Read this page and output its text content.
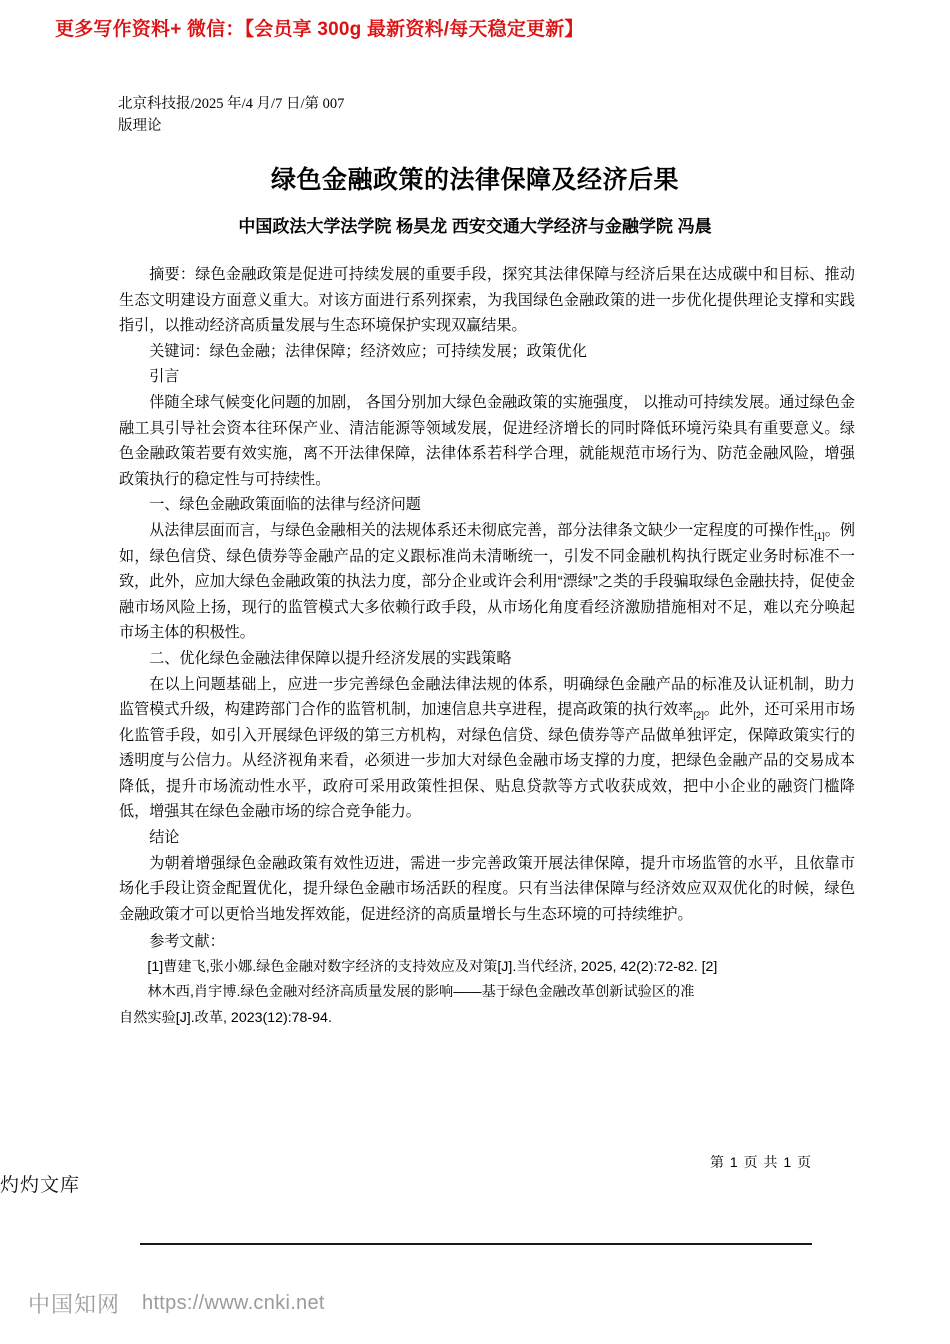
更多写作资料+ 微信：【会员享 300g 最新资料/每天稳定更新】
北京科技报/2025 年/4 月/7 日/第 007
版理论
绿色金融政策的法律保障及经济后果
中国政法大学法学院 杨昊龙 西安交通大学经济与金融学院 冯晨

摘要：绿色金融政策是促进可持续发展的重要手段，探究其法律保障与经济后果在达成碳中和目标、推动生态文明建设方面意义重大。对该方面进行系列探索，为我国绿色金融政策的进一步优化提供理论支撑和实践指引，以推动经济高质量发展与生态环境保护实现双赢结果。

关键词：绿色金融；法律保障；经济效应；可持续发展；政策优化

引言

伴随全球气候变化问题的加剧， 各国分别加大绿色金融政策的实施强度， 以推动可持续发展。通过绿色金融工具引导社会资本往环保产业、清洁能源等领域发展，促进经济增长的同时降低环境污染具有重要意义。绿色金融政策若要有效实施，离不开法律保障，法律体系若科学合理，就能规范市场行为、防范金融风险，增强政策执行的稳定性与可持续性。

一、绿色金融政策面临的法律与经济问题

从法律层面而言，与绿色金融相关的法规体系还未彻底完善，部分法律条文缺少一定程度的可操作性$_{[1]}$。例如，绿色信贷、绿色债券等金融产品的定义跟标准尚未清晰统一，引发不同金融机构执行既定业务时标准不一致，此外，应加大绿色金融政策的执法力度，部分企业或许会利用“漂绿”之类的手段骗取绿色金融扶持，促使金融市场风险上扬，现行的监管模式大多依赖行政手段，从市场化角度看经济激励措施相对不足，难以充分唤起市场主体的积极性。

二、优化绿色金融法律保障以提升经济发展的实践策略

在以上问题基础上，应进一步完善绿色金融法律法规的体系，明确绿色金融产品的标准及认证机制，助力监管模式升级，构建跨部门合作的监管机制，加速信息共享进程，提高政策的执行效率$_{[2]}$。此外，还可采用市场化监管手段，如引入开展绿色评级的第三方机构，对绿色信贷、绿色债券等产品做单独评定，保障政策实行的透明度与公信力。从经济视角来看，必须进一步加大对绿色金融市场支撑的力度，把绿色金融产品的交易成本降低，提升市场流动性水平，政府可采用政策性担保、贴息贷款等方式收获成效，把中小企业的融资门槛降低，增强其在绿色金融市场的综合竞争能力。

结论

为朝着增强绿色金融政策有效性迈进，需进一步完善政策开展法律保障，提升市场监管的水平，且依靠市场化手段让资金配置优化，提升绿色金融市场活跃的程度。只有当法律保障与经济效应双双优化的时候，绿色金融政策才可以更恰当地发挥效能，促进经济的高质量增长与生态环境的可持续维护。

参考文献：

[1]曹建飞,张小娜.绿色金融对数字经济的支持效应及对策[J].当代经济, 2025, 42(2):72-82. [2]

林木西,肖宇博.绿色金融对经济高质量发展的影响——基于绿色金融改革创新试验区的准

自然实验[J].改革, 2023(12):78-94.

第 1 页 共 1 页
灼灼文库
中国知网 https://www.cnki.net
